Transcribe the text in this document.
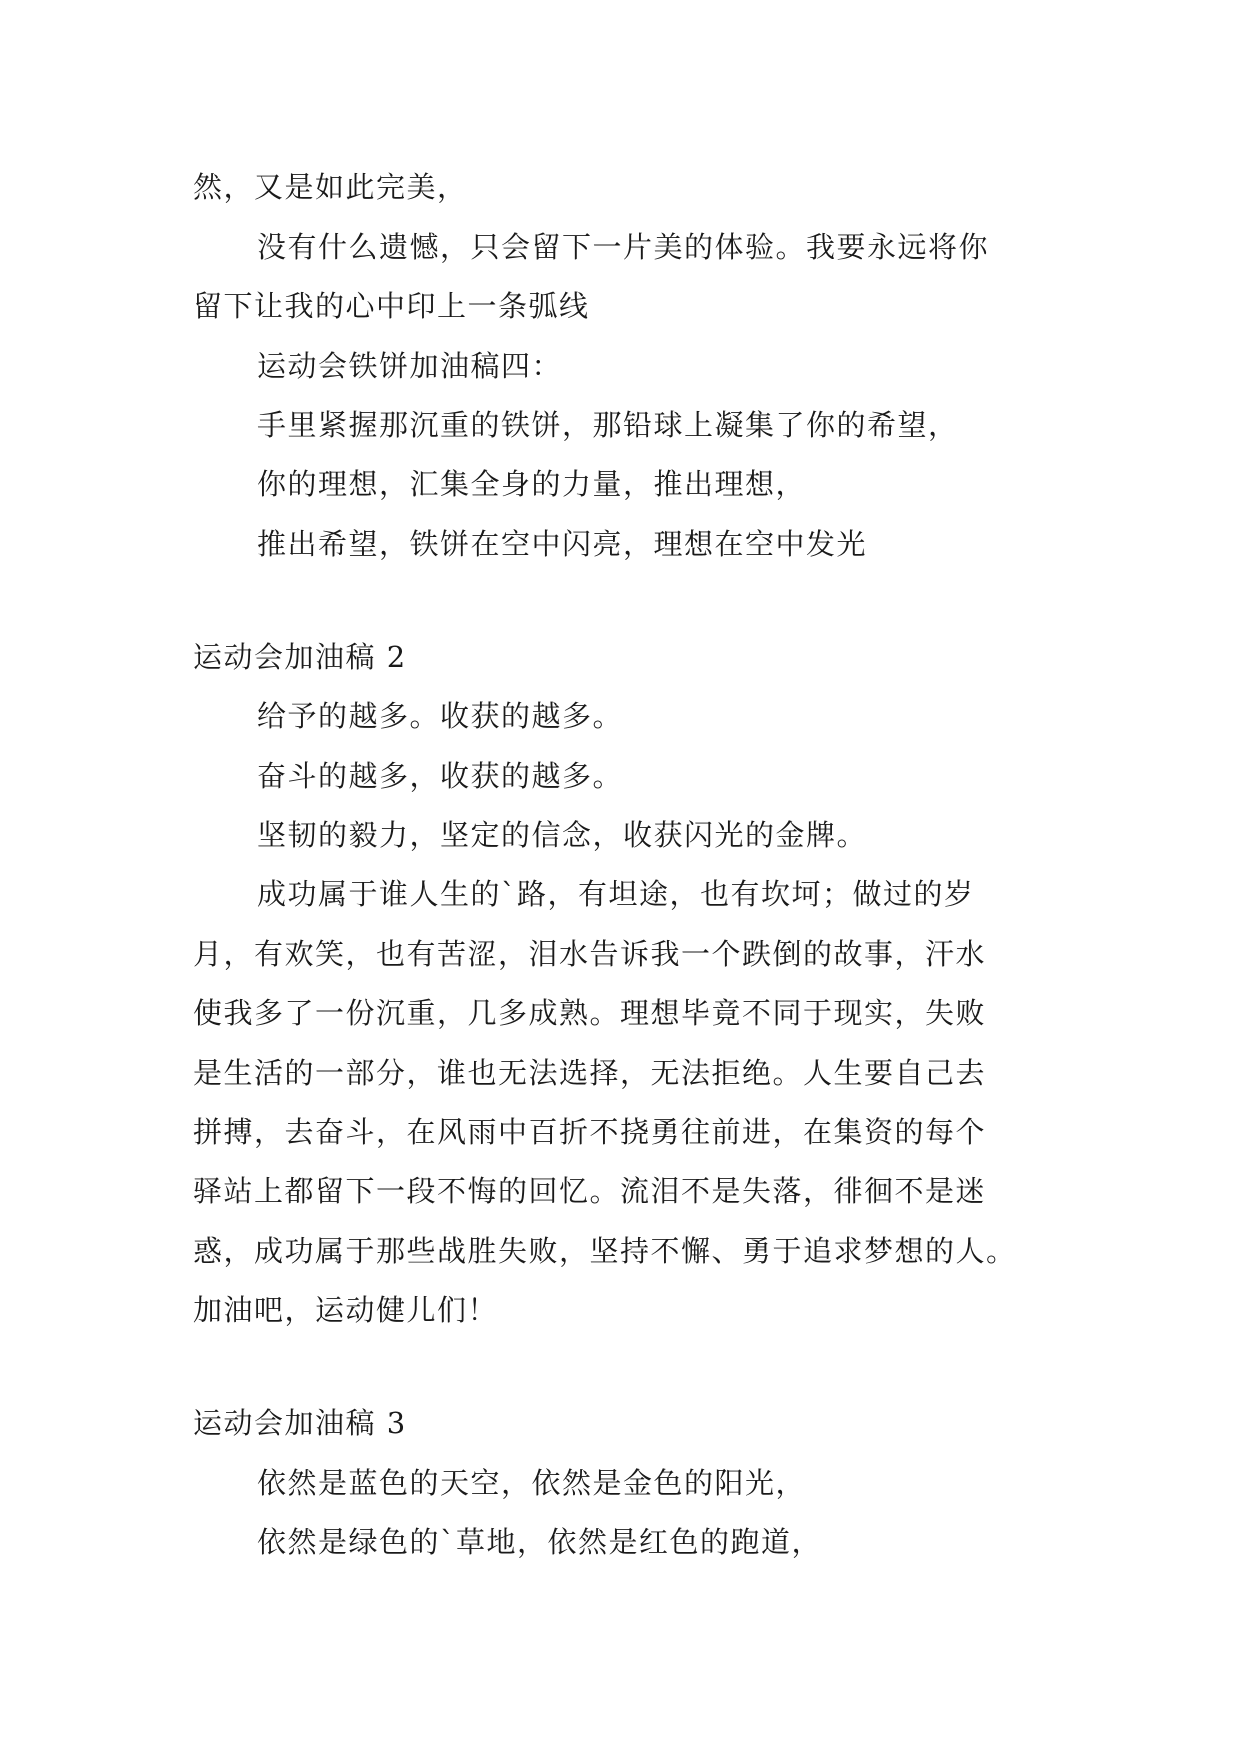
然，又是如此完美，
没有什么遗憾，只会留下一片美的体验。我要永远将你
留下让我的心中印上一条弧线
运动会铁饼加油稿四：
手里紧握那沉重的铁饼，那铅球上凝集了你的希望，
你的理想，汇集全身的力量，推出理想，
推出希望，铁饼在空中闪亮，理想在空中发光
运动会加油稿 2
给予的越多。收获的越多。
奋斗的越多，收获的越多。
坚韧的毅力，坚定的信念，收获闪光的金牌。
成功属于谁人生的`路，有坦途，也有坎坷；做过的岁
月，有欢笑，也有苦涩，泪水告诉我一个跌倒的故事，汗水
使我多了一份沉重，几多成熟。理想毕竟不同于现实，失败
是生活的一部分，谁也无法选择，无法拒绝。人生要自己去
拼搏，去奋斗，在风雨中百折不挠勇往前进，在集资的每个
驿站上都留下一段不悔的回忆。流泪不是失落，徘徊不是迷
惑，成功属于那些战胜失败，坚持不懈、勇于追求梦想的人。
加油吧，运动健儿们！
运动会加油稿 3
依然是蓝色的天空，依然是金色的阳光，
依然是绿色的`草地，依然是红色的跑道，
